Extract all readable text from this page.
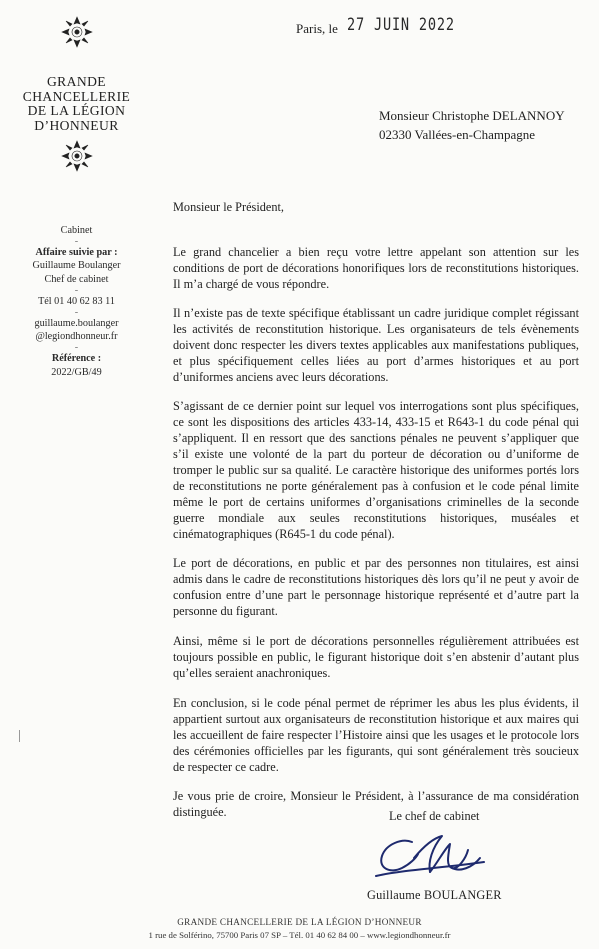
GRANDE
CHANCELLERIE
DE LA LÉGION
D’HONNEUR
Paris, le 27 JUIN 2022
Monsieur Christophe DELANNOY
02330 Vallées-en-Champagne
Cabinet
-
Affaire suivie par :
Guillaume Boulanger
Chef de cabinet
-
Tél 01 40 62 83 11
-
guillaume.boulanger
@legiondhonneur.fr
-
Référence :
2022/GB/49
Monsieur le Président,

Le grand chancelier a bien reçu votre lettre appelant son attention sur les conditions de port de décorations honorifiques lors de reconstitutions historiques. Il m’a chargé de vous répondre.

Il n’existe pas de texte spécifique établissant un cadre juridique complet régissant les activités de reconstitution historique. Les organisateurs de tels évènements doivent donc respecter les divers textes applicables aux manifestations publiques, et plus spécifiquement celles liées au port d’armes historiques et au port d’uniformes anciens avec leurs décorations.

S’agissant de ce dernier point sur lequel vos interrogations sont plus spécifiques, ce sont les dispositions des articles 433-14, 433-15 et R643-1 du code pénal qui s’appliquent. Il en ressort que des sanctions pénales ne peuvent s’appliquer que s’il existe une volonté de la part du porteur de décoration ou d’uniforme de tromper le public sur sa qualité. Le caractère historique des uniformes portés lors de reconstitutions ne porte généralement pas à confusion et le code pénal limite même le port de certains uniformes d’organisations criminelles de la seconde guerre mondiale aux seules reconstitutions historiques, muséales et cinématographiques (R645-1 du code pénal).

Le port de décorations, en public et par des personnes non titulaires, est ainsi admis dans le cadre de reconstitutions historiques dès lors qu’il ne peut y avoir de confusion entre d’une part le personnage historique représenté et d’autre part la personne du figurant.

Ainsi, même si le port de décorations personnelles régulièrement attribuées est toujours possible en public, le figurant historique doit s’en abstenir d’autant plus qu’elles seraient anachroniques.

En conclusion, si le code pénal permet de réprimer les abus les plus évidents, il appartient surtout aux organisateurs de reconstitution historique et aux maires qui les accueillent de faire respecter l’Histoire ainsi que les usages et le protocole lors des cérémonies officielles par les figurants, qui sont généralement très soucieux de respecter ce cadre.

Je vous prie de croire, Monsieur le Président, à l’assurance de ma considération distinguée.	Le chef de cabinet
Guillaume BOULANGER
GRANDE CHANCELLERIE DE LA LÉGION D’HONNEUR
1 rue de Solférino, 75700 Paris 07 SP – Tél. 01 40 62 84 00 – www.legiondhonneur.fr
